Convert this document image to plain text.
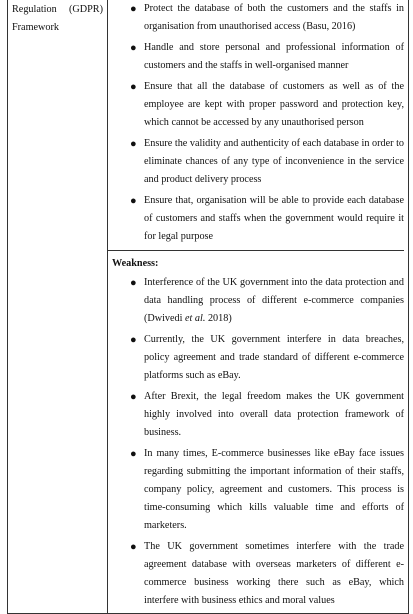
Regulation (GDPR)
Framework

● Protect the database of both the customers and the staffs in organisation from unauthorised access (Basu, 2016)
● Handle and store personal and professional information of customers and the staffs in well-organised manner
● Ensure that all the database of customers as well as of the employee are kept with proper password and protection key, which cannot be accessed by any unauthorised person
● Ensure the validity and authenticity of each database in order to eliminate chances of any type of inconvenience in the service and product delivery process
● Ensure that, organisation will be able to provide each database of customers and staffs when the government would require it for legal purpose
Weakness:
● Interference of the UK government into the data protection and data handling process of different e-commerce companies (Dwivedi et al. 2018)
● Currently, the UK government interfere in data breaches, policy agreement and trade standard of different e-commerce platforms such as eBay.
● After Brexit, the legal freedom makes the UK government highly involved into overall data protection framework of business.
● In many times, E-commerce businesses like eBay face issues regarding submitting the important information of their staffs, company policy, agreement and customers. This process is time-consuming which kills valuable time and efforts of marketers.
● The UK government sometimes interfere with the trade agreement database with overseas marketers of different e-commerce business working there such as eBay, which interfere with business ethics and moral values
